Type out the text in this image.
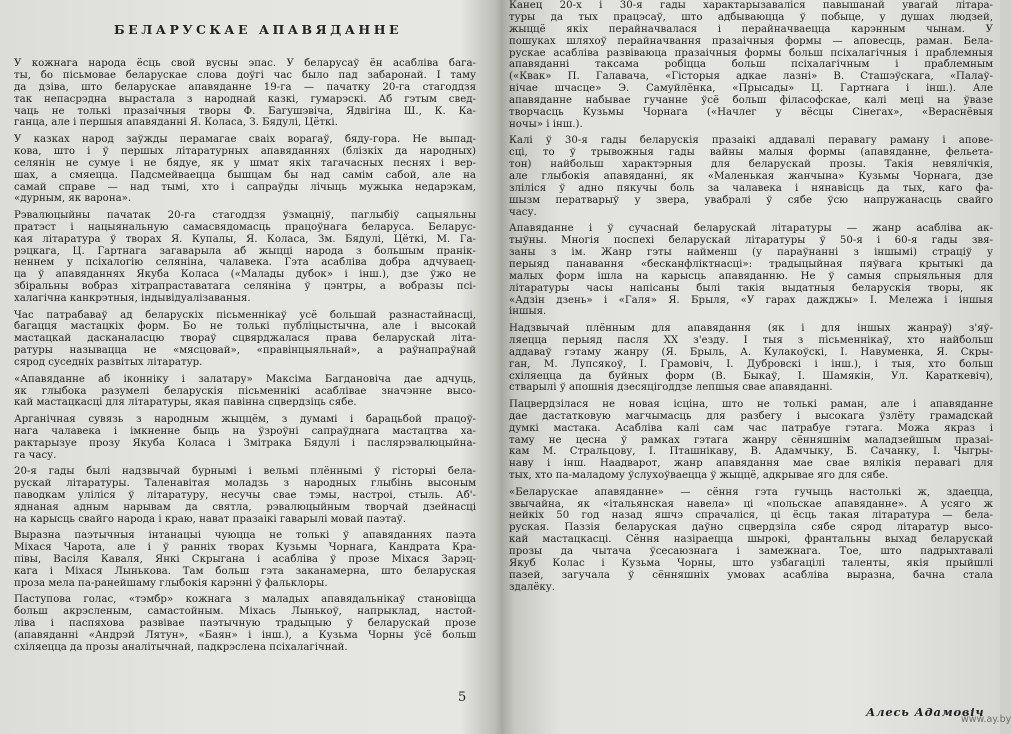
БЕЛАРУСКАЕ АПАВЯДАННЕ
У кожнага народа ёсць свой вусны эпас. У беларусаў ён асабліва бага-
ты, бо пісьмовае беларускае слова доўгі час было пад забаронай. І таму
да дзіва, што беларускае апавяданне 19-га — пачатку 20-га стагоддзя
так непасрэдна вырастала з народнай казкі, гумарэскі. Аб гэтым свед-
чаць не толькі празаічныя творы Ф. Багушэвіча, Ядвігіна Ш., К. Ка-
ганца, але і першыя апавяданні Я. Коласа, З. Бядулі, Цёткі.
У казках народ заўжды перамагае сваіх ворагаў, бядy-гора. Не выпад-
кова, што і ў першых літаратурных апавяданнях (блізкіх да народных)
селянін не сумуе і не бядуе, як у шмат якіх тагачасных песнях і вер-
шах, а смяецца. Падсмейваецца бышцам бы над самім сабой, але на
самай справе — над тымі, хто і сапраўды лічыць мужыка недарэкам,
«дурным, як варона».
Рэвалюцыйны пачатак 20-га стагоддзя ўзмацніў, паглыбіў сацыяльны
пратэст і нацыянальную самасвядомасць працоўнага беларуса. Беларус-
кая літаратура ў творах Я. Купалы, Я. Коласа, Зм. Бядулі, Цёткі, М. Га-
рэцкага, Ц. Гартнага загаварыла аб жыцці народа з большым пранік-
неннем у псіхалогію селяніна, чалавека. Гэта асабліва добра адчуваец-
ца ў апавяданнях Якуба Коласа («Малады дубок» і інш.), дзе ўжо не
збіральны вобраз хітрапраставатага селяніна ў цэнтры, а вобразы псі-
халагічна канкрэтныя, індывідуалізаваныя.
Час патрабаваў ад беларускіх пісьменнікаў усё большай разнастайнасці,
багацця мастацкіх форм. Бо не толькі публіцыстычна, але і высокай
мастацкай дасканаласцю твораў сцвярджалася права беларускай літа-
ратуры называцца не «мясцовай», «правінцыяльнай», а раўнапраўнай
сярод суседніх развітых літаратур.
«Апавяданне аб іконніку і залатару» Максіма Багдановіча дае адчуць,
як глыбока разумелі беларускія пісьменнікі асаблівае значэнне высо-
кай мастацкасці для літаратуры, якая павінна сцвердзіць сябе.
Арганічная сувязь з народным жыццём, з думамі і барацьбой працоў-
нага чалавека і імкненне быць на ўзроўні сапраўднага мастацтва ха-
рактарызуе прозу Якуба Коласа і Змітрака Бядулі і паслярэвалюцыйна-
га часу.
20-я гады былі надзвычай бурнымі і вельмі плённымі ў гісторыі бела-
рускай літаратуры. Таленавітая моладзь з народных глыбінь высоным
паводкам уліліся ў літаратуру, несучы свае тэмы, настроі, стыль. Аб'-
яднаная адным нарывам да святла, рэвалюцыйным творчай дзейнасці
на карысць свайго народа і краю, нават празаікі гаварылі мовай паэтаў.
Выразна паэтычныя інтанацыі чуюцца не толькі ў апавяданнях паэта
Міхася Чарота, але і ў ранніх творах Кузьмы Чорнага, Кандрата Кра-
півы, Васіля Кавaля, Янкі Скрыгана і асабліва ў прозе Міхася Зарэц-
кага і Міхася Лынькова. Там больш гэта заканамерна, што беларуская
проза мела па-ранейшаму глыбокія карэнні ў фальклоры.
Паступова голас, «тэмбр» кожнага з маладых апавядальнікаў становіцца
больш акрэсленым, самастойным. Міхась Лынькоў, напрыклад, настой-
ліва і паспяхова развівае паэтычную традыцыю ў беларускай прозе
(апавяданні «Андрэй Лятун», «Баян» і інш.), а Кузьма Чорны ўсё больш
схіляецца да прозы аналітычнай, падкрэслена псіхалагічнай.
5
Канец 20-х і 30-я гады характарызаваліся павышанай увагай літара-
туры да тых працэсаў, што адбываюцца ў побыце, у душах людзей,
жыццё якіх перайначвалася і перайначваецца карэнным чынам. У
пошуках шляхоў перайначвання празаічныя формы — аповесць, раман. Бела-
рускае асабліва развіваюца празаічныя формы больш псіхалагічныя і праблемныя
апавяданні таксама робіцца больш псіхалагічным і праблемным
(«Квак» П. Галавача, «Гісторыя адкае лазні» В. Сташэўскага, «Палаў-
нічае шчасце» Э. Самуйлёнка, «Прысады» Ц. Гартнага і інш.). Але
апавяданне набывае гучанне ўсё больш філасофскае, калі меці на ўвазе
творчасць Кузьмы Чорнага («Начлег у вёсцы Сінегах», «Вераснёвыя
ночы» і інш.).
Калі ў 30-я гады беларускія празаікі аддавалі перавагу раману і апове-
сці, то ў трывожныя гады вайны малыя формы (апавяданне, фельета-
тон) найбольш характэрныя для беларускай прозы. Такія невялічкія,
але глыбокія апавяданні, як «Маленькая жанчына» Кузьмы Чорнага, дзе
зліліся ў адно пякучы боль за чалавека і нянавісць да тых, каго фа-
шызм ператварыў у звера, увабралі ў сябе ўсю напружанасць свайго
часу.
Апавяданне і ў сучаснай беларускай літаратуры — жанр асабліва ак-
тыўны. Многія поспехі беларускай літаратуры ў 50-я і 60-я гады звя-
заны з ім. Жанр гэты найменш (у параўнанні з іншымі) страціў у
перыяд панавання «бесканфліктнасці»: традыцыйная пяўвага крытыкі да
малых форм ішла на карысць апавяданню. Не ў самыя спрыяльныя для
літаратуры часы напісаны былі такія выдатныя беларускія творы, як
«Адзін дзень» і «Галя» Я. Брыля, «У гарах дажджы» І. Мележа і іншыя
іншыя.
Надзвычай плённым для апавядання (як і для іншых жанраў) з'яў-
ляецца перыяд пасля XX з'езду. І тыя з пісьменнікаў, хто найбольш
аддаваў гэтаму жанру (Я. Брыль, А. Кулакоўскі, І. Навуменка, Я. Скры-
ган, М. Лупсякоў, І. Грамовіч, І. Дубровскі і інш.), і тыя, хто больш
схіляецца да буйных форм (В. Быкаў, І. Шамякін, Ул. Караткевіч),
стварылі ў апошнія дзесяцігоддзе лепшыя свае апавяданні.
Пацвердзілася не новая ісціна, што не толькі раман, але і апавяданне
дае дастатковую магчымасць для разбегу і высокага ўзлёту грамадскай
думкі мастака. Асабліва калі сам час патрабуе гэтага. Можа якраз і
таму не цесна ў рамках гэтага жанру сённяшнім маладзейшым празаі-
кам М. Стральцову, І. Пташнікаву, В. Адамчыку, Б. Сачанку, І. Чыгры-
наву і інш. Наадварот, жанр апавядання мае свае вялікія перавагі для
тых, хто па-маладому ўслухоўваецца ў жыццё, адкрывае яго для сябе.
«Беларускае апавяданне» — сёння гэта гучыць настолькі ж, здаецца,
звычайна, як «італьянская навела» ці «польскае апавяданне». А усяго ж
нейкіх 50 год назад яшчэ спрачаліся, ці ёсць такая літаратура — бела-
руская. Паззія беларуская даўно сцвердзіла сябе сярод літаратур высо-
кай мастацкасці. Сёння назіраецца шырокі, франтальны выхад беларускай
прозы да чытача ўсесаюзнага і замежнага. Тое, што падрыхтавалі
Якуб Колас і Кузьма Чорны, што узбагацілі таленты, якія прыйшлі
пазей, загучала ў сённяшніх умовах асабліва выразна, бачна стала
здалёку.
Алесь Адамовіч
www.ay.by
